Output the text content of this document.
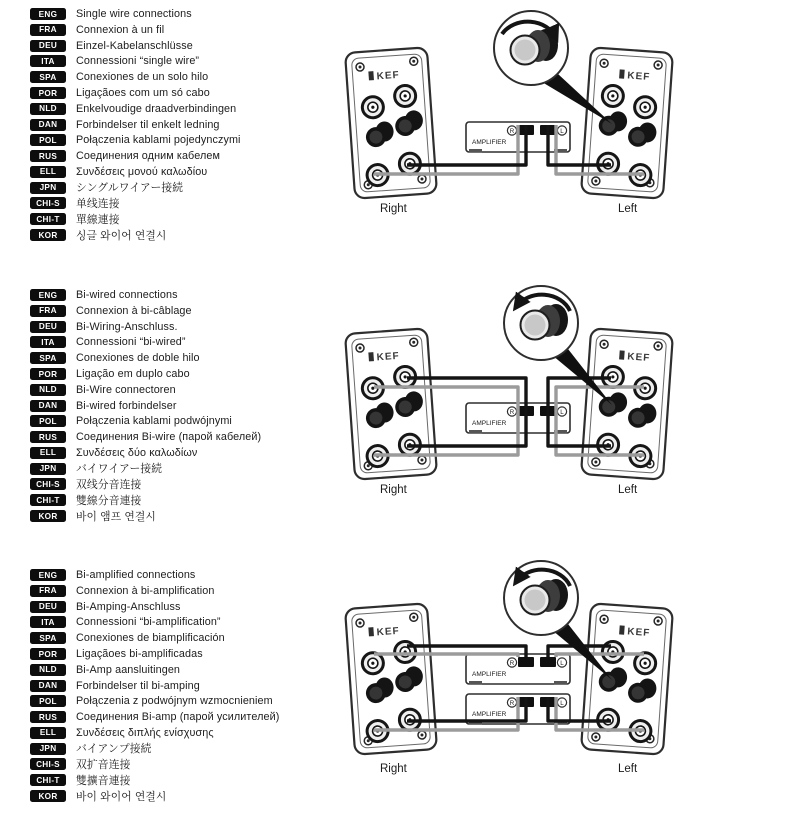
ENG	Single wire connections
FRA	Connexion à un fil
DEU	Einzel-Kabelanschlüsse
ITA	Connessioni “single wire”
SPA	Conexiones de un solo hilo
POR	Ligaçãoes com um só cabo
NLD	Enkelvoudige draadverbindingen
DAN	Forbindelser til enkelt ledning
POL	Połączenia kablami pojedynczymi
RUS	Соединения одним кабелем
ELL	Συνδέσεις μονού καλωδίου
JPN	シングルワイアー接続
CHI-S	单线连接
CHI-T	單線連接
KOR	싱글 와이어 연결시
KEF	KEF
AMPLIFIER
R	L
Right	Left
ENG	Bi-wired connections
FRA	Connexion à bi-câblage
DEU	Bi-Wiring-Anschluss.
ITA	Connessioni “bi-wired”
SPA	Conexiones de doble hilo
POR	Ligação em duplo cabo
NLD	Bi-Wire connectoren
DAN	Bi-wired forbindelser
POL	Połączenia kablami podwójnymi
RUS	Соединения Bi-wire (парой кабелей)
ELL	Συνδέσεις δύο καλωδίων
JPN	バイワイアー接続
CHI-S	双线分音连接
CHI-T	雙線分音連接
KOR	바이 앰프 연결시
KEF	KEF
AMPLIFIER
R	L
Right	Left
ENG	Bi-amplified connections
FRA	Connexion à bi-amplification
DEU	Bi-Amping-Anschluss
ITA	Connessioni “bi-amplification”
SPA	Conexiones de biamplificación
POR	Ligaçãoes bi-amplificadas
NLD	Bi-Amp aansluitingen
DAN	Forbindelser til bi-amping
POL	Połączenia z podwójnym wzmocnieniem
RUS	Соединения Bi-amp (парой усилителей)
ELL	Συνδέσεις διπλής ενίσχυσης
JPN	バイアンプ接続
CHI-S	双扩音连接
CHI-T	雙擴音連接
KOR	바이 와이어 연결시
KEF	KEF
AMPLIFIER
R	L
AMPLIFIER
R	L
Right	Left
